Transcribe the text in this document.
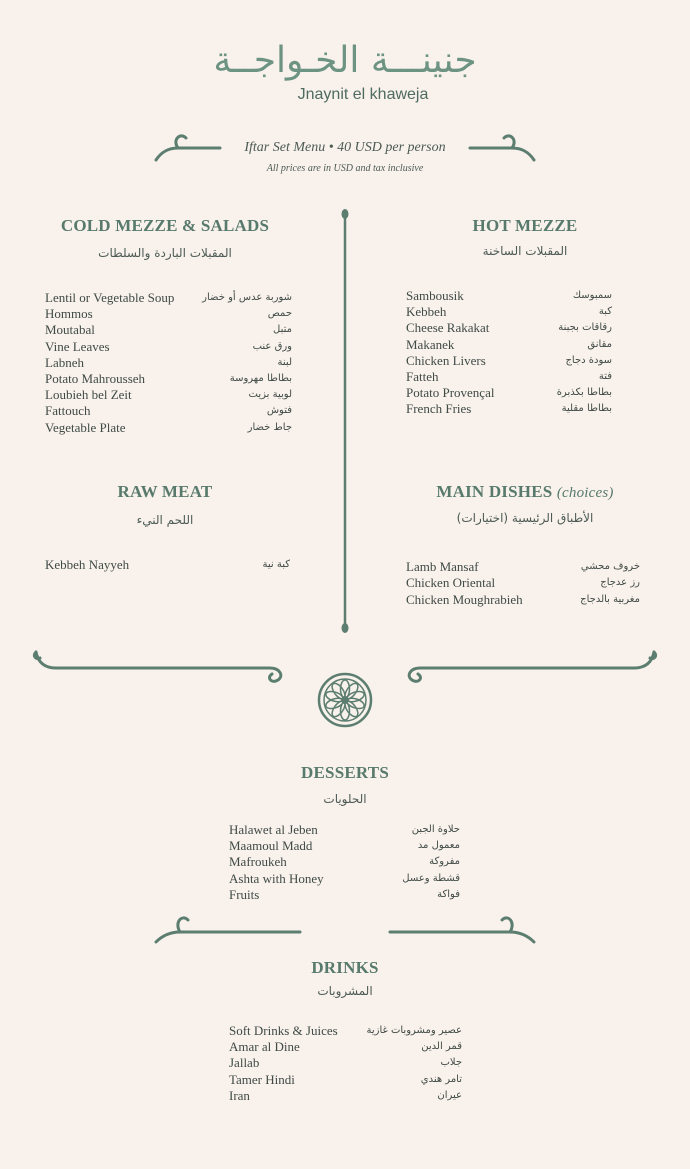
جنينـــة الخـواجــة
Jnaynit el khaweja
Iftar Set Menu • 40 USD per person
All prices are in USD and tax inclusive
COLD MEZZE & SALADS
المقبلات الباردة والسلطات
Lentil or Vegetable Soup	شوربة عدس أو خضار
Hommos	حمص
Moutabal	متبل
Vine Leaves	ورق عنب
Labneh	لبنة
Potato Mahrousseh	بطاطا مهروسة
Loubieh bel Zeit	لوبية بزيت
Fattouch	فتوش
Vegetable Plate	جاط خضار
HOT MEZZE
المقبلات الساخنة
Sambousik	سمبوسك
Kebbeh	كبة
Cheese Rakakat	رقاقات بجبنة
Makanek	مقانق
Chicken Livers	سودة دجاج
Fatteh	فتة
Potato Provençal	بطاطا بكذبرة
French Fries	بطاطا مقلية
RAW MEAT
اللحم النيء
Kebbeh Nayyeh	كبة نية
MAIN DISHES (choices)
الأطباق الرئيسية (اختيارات)
Lamb Mansaf	خروف محشي
Chicken Oriental	رز عدجاج
Chicken Moughrabieh	مغربية بالدجاج
DESSERTS
الحلويات
Halawet al Jeben	حلاوة الجبن
Maamoul Madd	معمول مد
Mafroukeh	مفروكة
Ashta with Honey	قشطة وعسل
Fruits	فواكة
DRINKS
المشروبات
Soft Drinks & Juices	عصير ومشروبات غازية
Amar al Dine	قمر الدين
Jallab	جلاب
Tamer Hindi	تامر هندي
Iran	عيران
